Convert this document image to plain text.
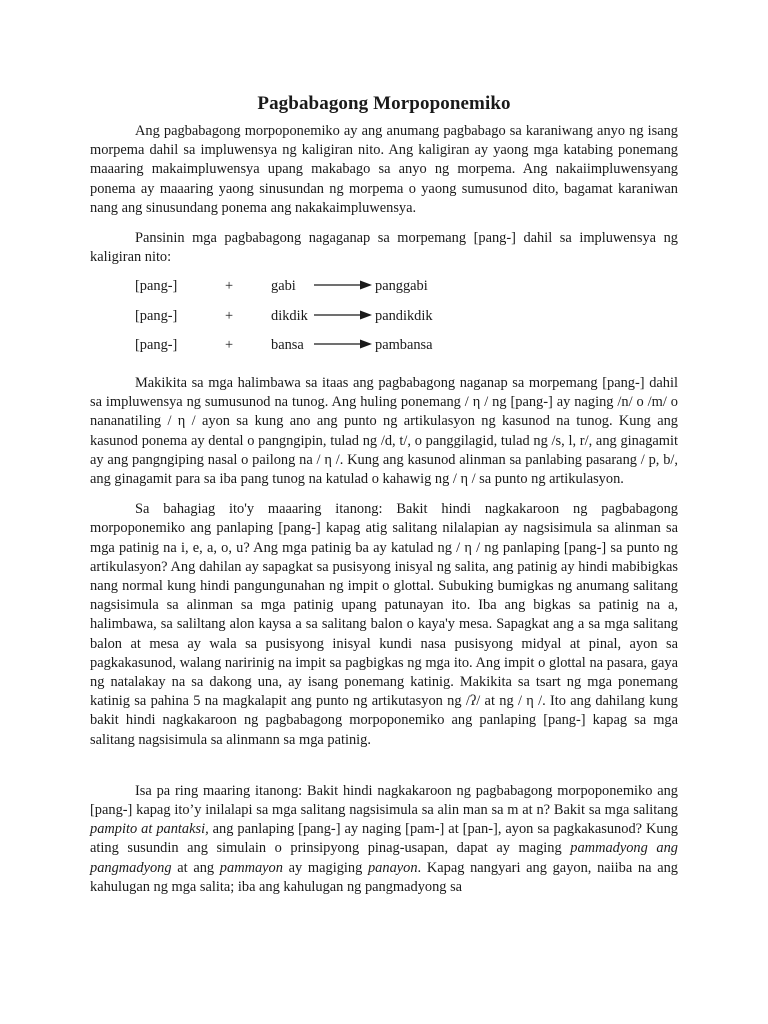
Pagbabagong Morpoponemiko

Ang pagbabagong morpoponemiko ay ang anumang pagbabago sa karaniwang anyo ng isang morpema dahil sa impluwensya ng kaligiran nito. Ang kaligiran ay yaong mga katabing ponemang maaaring makaimpluwensya upang makabago sa anyo ng morpema. Ang nakaiimpluwensyang ponema ay maaaring yaong sinusundan ng morpema o yaong sumusunod dito, bagamat karaniwan nang ang sinusundang ponema ang nakakaimpluwensya.

Pansinin mga pagbabagong nagaganap sa morpemang [pang-] dahil sa impluwensya ng kaligiran nito:

[pang-]	+	gabi	panggabi
[pang-]	+	dikdik	pandikdik
[pang-]	+	bansa	pambansa

Makikita sa mga halimbawa sa itaas ang pagbabagong naganap sa morpemang [pang-] dahil sa impluwensya ng sumusunod na tunog. Ang huling ponemang / η / ng [pang-] ay naging /n/ o /m/ o nananatiling / η / ayon sa kung ano ang punto ng artikulasyon ng kasunod na tunog. Kung ang kasunod ponema ay dental o pangngipin, tulad ng /d, t/, o panggilagid, tulad ng /s, l, r/, ang ginagamit ay ang pangngiping nasal o pailong na / η /. Kung ang kasunod alinman sa panlabing pasarang / p, b/, ang ginagamit para sa iba pang tunog na katulad o kahawig ng / η / sa punto ng artikulasyon.

Sa bahagiag ito'y maaaring itanong: Bakit hindi nagkakaroon ng pagbabagong morpoponemiko ang panlaping [pang-] kapag atig salitang nilalapian ay nagsisimula sa alinman sa mga patinig na i, e, a, o, u? Ang mga patinig ba ay katulad ng / η / ng panlaping [pang-] sa punto ng artikulasyon? Ang dahilan ay sapagkat sa pusisyong inisyal ng salita, ang patinig ay hindi mabibigkas nang normal kung hindi pangungunahan ng impit o glottal. Subuking bumigkas ng anumang salitang nagsisimula sa alinman sa mga patinig upang patunayan ito. Iba ang bigkas sa patinig na a, halimbawa, sa saliltang alon kaysa a sa salitang balon o kaya'y mesa. Sapagkat ang a sa mga salitang balon at mesa ay wala sa pusisyong inisyal kundi nasa pusisyong midyal at pinal, ayon sa pagkakasunod, walang naririnig na impit sa pagbigkas ng mga ito. Ang impit o glottal na pasara, gaya ng natalakay na sa dakong una, ay isang ponemang katinig. Makikita sa tsart ng mga ponemang katinig sa pahina 5 na magkalapit ang punto ng artikutasyon ng /ʔ/ at ng / η /. Ito ang dahilang kung bakit hindi nagkakaroon ng pagbabagong morpoponemiko ang panlaping [pang-] kapag sa mga salitang nagsisimula sa alinmann sa mga patinig.

Isa pa ring maaring itanong: Bakit hindi nagkakaroon ng pagbabagong morpoponemiko ang [pang-] kapag ito’y inilalapi sa mga salitang nagsisimula sa alin man sa m at n? Bakit sa mga salitang pampito at pantaksi, ang panlaping [pang-] ay naging [pam-] at [pan-], ayon sa pagkakasunod? Kung ating susundin ang simulain o prinsipyong pinag-usapan, dapat ay maging pammadyong ang pangmadyong at ang pammayon ay magiging panayon. Kapag nangyari ang gayon, naiiba na ang kahulugan ng mga salita; iba ang kahulugan ng pangmadyong sa
